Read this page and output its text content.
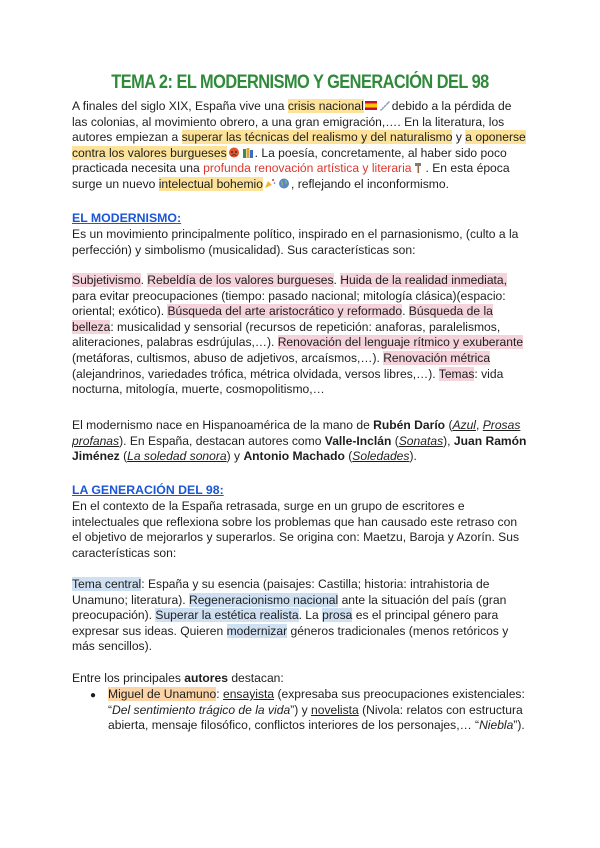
TEMA 2: EL MODERNISMO Y GENERACIÓN DEL 98
A finales del siglo XIX, España vive una crisis nacional debido a la pérdida de
las colonias, al movimiento obrero, a una gran emigración,…. En la literatura, los
autores empiezan a superar las técnicas del realismo y del naturalismo y a oponerse
contra los valores burgueses . La poesía, concretamente, al haber sido poco
practicada necesita una profunda renovación artística y literaria . En esta época
surge un nuevo intelectual bohemio , reflejando el inconformismo.
EL MODERNISMO:
Es un movimiento principalmente político, inspirado en el parnasionismo, (culto a la
perfección) y simbolismo (musicalidad). Sus características son:
Subjetivismo. Rebeldía de los valores burgueses. Huida de la realidad inmediata,
para evitar preocupaciones (tiempo: pasado nacional; mitología clásica)(espacio:
oriental; exótico). Búsqueda del arte aristocrático y reformado. Búsqueda de la
belleza: musicalidad y sensorial (recursos de repetición: anaforas, paralelismos,
aliteraciones, palabras esdrújulas,…). Renovación del lenguaje rítmico y exuberante
(metáforas, cultismos, abuso de adjetivos, arcaísmos,…). Renovación métrica
(alejandrinos, variedades trófica, métrica olvidada, versos libres,…). Temas: vida
nocturna, mitología, muerte, cosmopolitismo,…
El modernismo nace en Hispanoamérica de la mano de Rubén Darío (Azul, Prosas
profanas). En España, destacan autores como Valle-Inclán (Sonatas), Juan Ramón
Jiménez (La soledad sonora) y Antonio Machado (Soledades).
LA GENERACIÓN DEL 98:
En el contexto de la España retrasada, surge en un grupo de escritores e
intelectuales que reflexiona sobre los problemas que han causado este retraso con
el objetivo de mejorarlos y superarlos. Se origina con: Maetzu, Baroja y Azorín. Sus
características son:
Tema central: España y su esencia (paisajes: Castilla; historia: intrahistoria de
Unamuno; literatura). Regeneracionismo nacional ante la situación del país (gran
preocupación). Superar la estética realista. La prosa es el principal género para
expresar sus ideas. Quieren modernizar géneros tradicionales (menos retóricos y
más sencillos).
Entre los principales autores destacan:
● Miguel de Unamuno: ensayista (expresaba sus preocupaciones existenciales:
“Del sentimiento trágico de la vida”) y novelista (Nivola: relatos con estructura
abierta, mensaje filosófico, conflictos interiores de los personajes,… “Niebla”).
